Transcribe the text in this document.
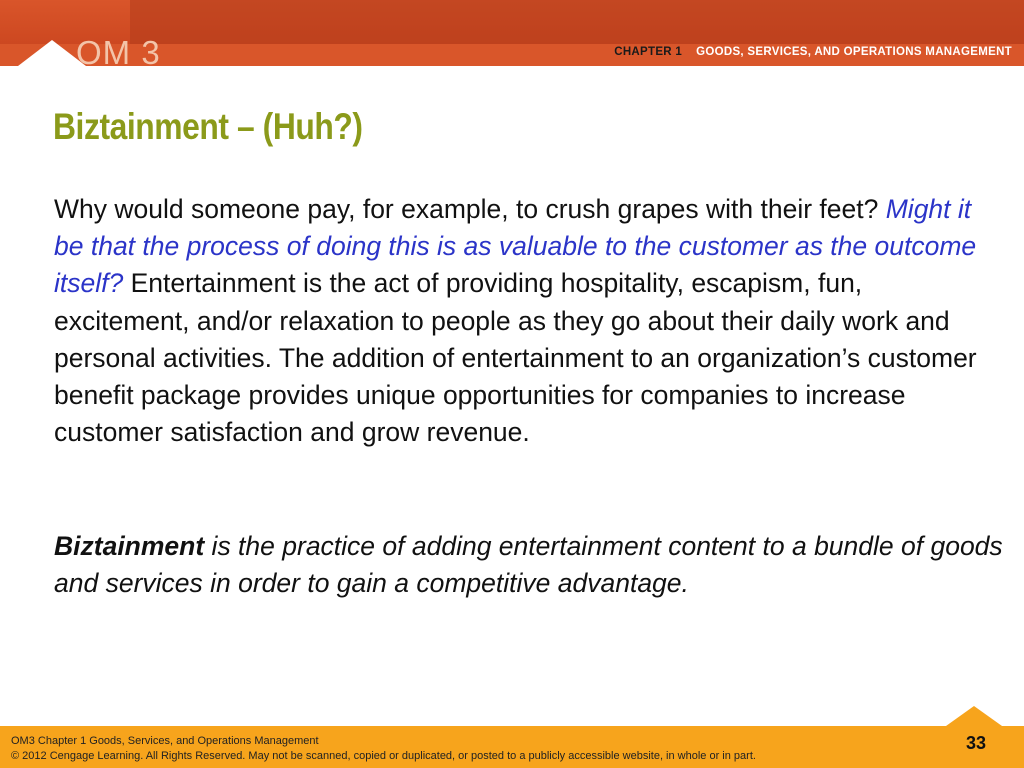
OM 3	CHAPTER 1 GOODS, SERVICES, AND OPERATIONS MANAGEMENT
Biztainment – (Huh?)

Why would someone pay, for example, to crush grapes with their feet? Might it be that the process of doing this is as valuable to the customer as the outcome itself? Entertainment is the act of providing hospitality, escapism, fun, excitement, and/or relaxation to people as they go about their daily work and personal activities. The addition of entertainment to an organization’s customer benefit package provides unique opportunities for companies to increase customer satisfaction and grow revenue.

Biztainment is the practice of adding entertainment content to a bundle of goods and services in order to gain a competitive advantage.

OM3 Chapter 1 Goods, Services, and Operations Management
© 2012 Cengage Learning. All Rights Reserved. May not be scanned, copied or duplicated, or posted to a publicly accessible website, in whole or in part.
33
